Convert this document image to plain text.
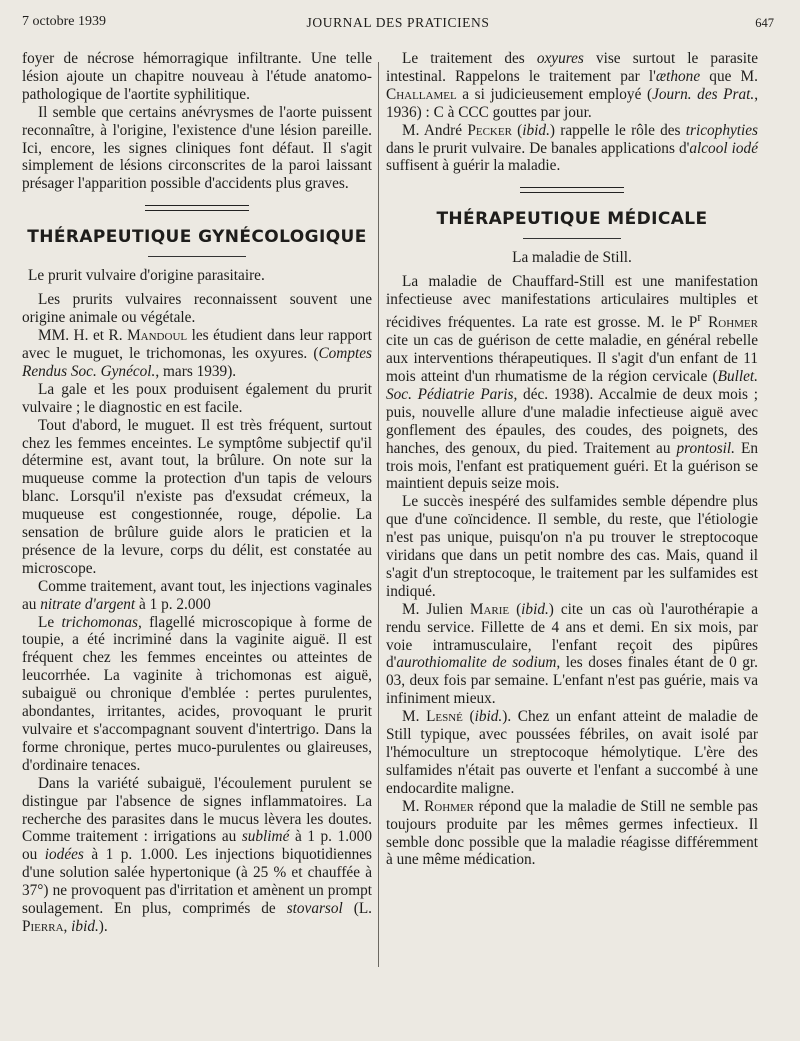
7 octobre 1939	JOURNAL DES PRATICIENS	647

foyer de nécrose hémorragique infiltrante. Une telle lésion ajoute un chapitre nouveau à l'étude anatomo-pathologique de l'aortite syphilitique.

Il semble que certains anévrysmes de l'aorte puissent reconnaître, à l'origine, l'existence d'une lésion pareille. Ici, encore, les signes cliniques font défaut. Il s'agit simplement de lésions circonscrites de la paroi laissant présager l'apparition possible d'accidents plus graves.

THÉRAPEUTIQUE GYNÉCOLOGIQUE
Le prurit vulvaire d'origine parasitaire.

Les prurits vulvaires reconnaissent souvent une origine animale ou végétale.

MM. H. et R. Mandoul les étudient dans leur rapport avec le muguet, le trichomonas, les oxyures. (Comptes Rendus Soc. Gynécol., mars 1939).

La gale et les poux produisent également du prurit vulvaire ; le diagnostic en est facile.

Tout d'abord, le muguet. Il est très fréquent, surtout chez les femmes enceintes. Le symptôme subjectif qu'il détermine est, avant tout, la brûlure. On note sur la muqueuse comme la protection d'un tapis de velours blanc. Lorsqu'il n'existe pas d'exsudat crémeux, la muqueuse est congestionnée, rouge, dépolie. La sensation de brûlure guide alors le praticien et la présence de la levure, corps du délit, est constatée au microscope.

Comme traitement, avant tout, les injections vaginales au nitrate d'argent à 1 p. 2.000

Le trichomonas, flagellé microscopique à forme de toupie, a été incriminé dans la vaginite aiguë. Il est fréquent chez les femmes enceintes ou atteintes de leucorrhée. La vaginite à trichomonas est aiguë, subaiguë ou chronique d'emblée : pertes purulentes, abondantes, irritantes, acides, provoquant le prurit vulvaire et s'accompagnant souvent d'intertrigo. Dans la forme chronique, pertes muco-purulentes ou glaireuses, d'ordinaire tenaces.

Dans la variété subaiguë, l'écoulement purulent se distingue par l'absence de signes inflammatoires. La recherche des parasites dans le mucus lèvera les doutes. Comme traitement : irrigations au sublimé à 1 p. 1.000 ou iodées à 1 p. 1.000. Les injections biquotidiennes d'une solution salée hypertonique (à 25 % et chauffée à 37°) ne provoquent pas d'irritation et amènent un prompt soulagement. En plus, comprimés de stovarsol (L. Pierra, ibid.).

Le traitement des oxyures vise surtout le parasite intestinal. Rappelons le traitement par l'æthone que M. Challamel a si judicieusement employé (Journ. des Prat., 1936) : C à CCC gouttes par jour.

M. André Pecker (ibid.) rappelle le rôle des tricophyties dans le prurit vulvaire. De banales applications d'alcool iodé suffisent à guérir la maladie.

THÉRAPEUTIQUE MÉDICALE
La maladie de Still.

La maladie de Chauffard-Still est une manifestation infectieuse avec manifestations articulaires multiples et récidives fréquentes. La rate est grosse. M. le $P^r$ Rohmer cite un cas de guérison de cette maladie, en général rebelle aux interventions thérapeutiques. Il s'agit d'un enfant de 11 mois atteint d'un rhumatisme de la région cervicale (Bullet. Soc. Pédiatrie Paris, déc. 1938). Accalmie de deux mois ; puis, nouvelle allure d'une maladie infectieuse aiguë avec gonflement des épaules, des coudes, des poignets, des hanches, des genoux, du pied. Traitement au prontosil. En trois mois, l'enfant est pratiquement guéri. Et la guérison se maintient depuis seize mois.

Le succès inespéré des sulfamides semble dépendre plus que d'une coïncidence. Il semble, du reste, que l'étiologie n'est pas unique, puisqu'on n'a pu trouver le streptocoque viridans que dans un petit nombre des cas. Mais, quand il s'agit d'un streptocoque, le traitement par les sulfamides est indiqué.

M. Julien Marie (ibid.) cite un cas où l'aurothérapie a rendu service. Fillette de 4 ans et demi. En six mois, par voie intramusculaire, l'enfant reçoit des pipûres d'aurothiomalite de sodium, les doses finales étant de 0 gr. 03, deux fois par semaine. L'enfant n'est pas guérie, mais va infiniment mieux.

M. Lesné (ibid.). Chez un enfant atteint de maladie de Still typique, avec poussées fébriles, on avait isolé par l'hémoculture un streptocoque hémolytique. L'ère des sulfamides n'était pas ouverte et l'enfant a succombé à une endocardite maligne.

M. Rohmer répond que la maladie de Still ne semble pas toujours produite par les mêmes germes infectieux. Il semble donc possible que la maladie réagisse différemment à une même médication.
